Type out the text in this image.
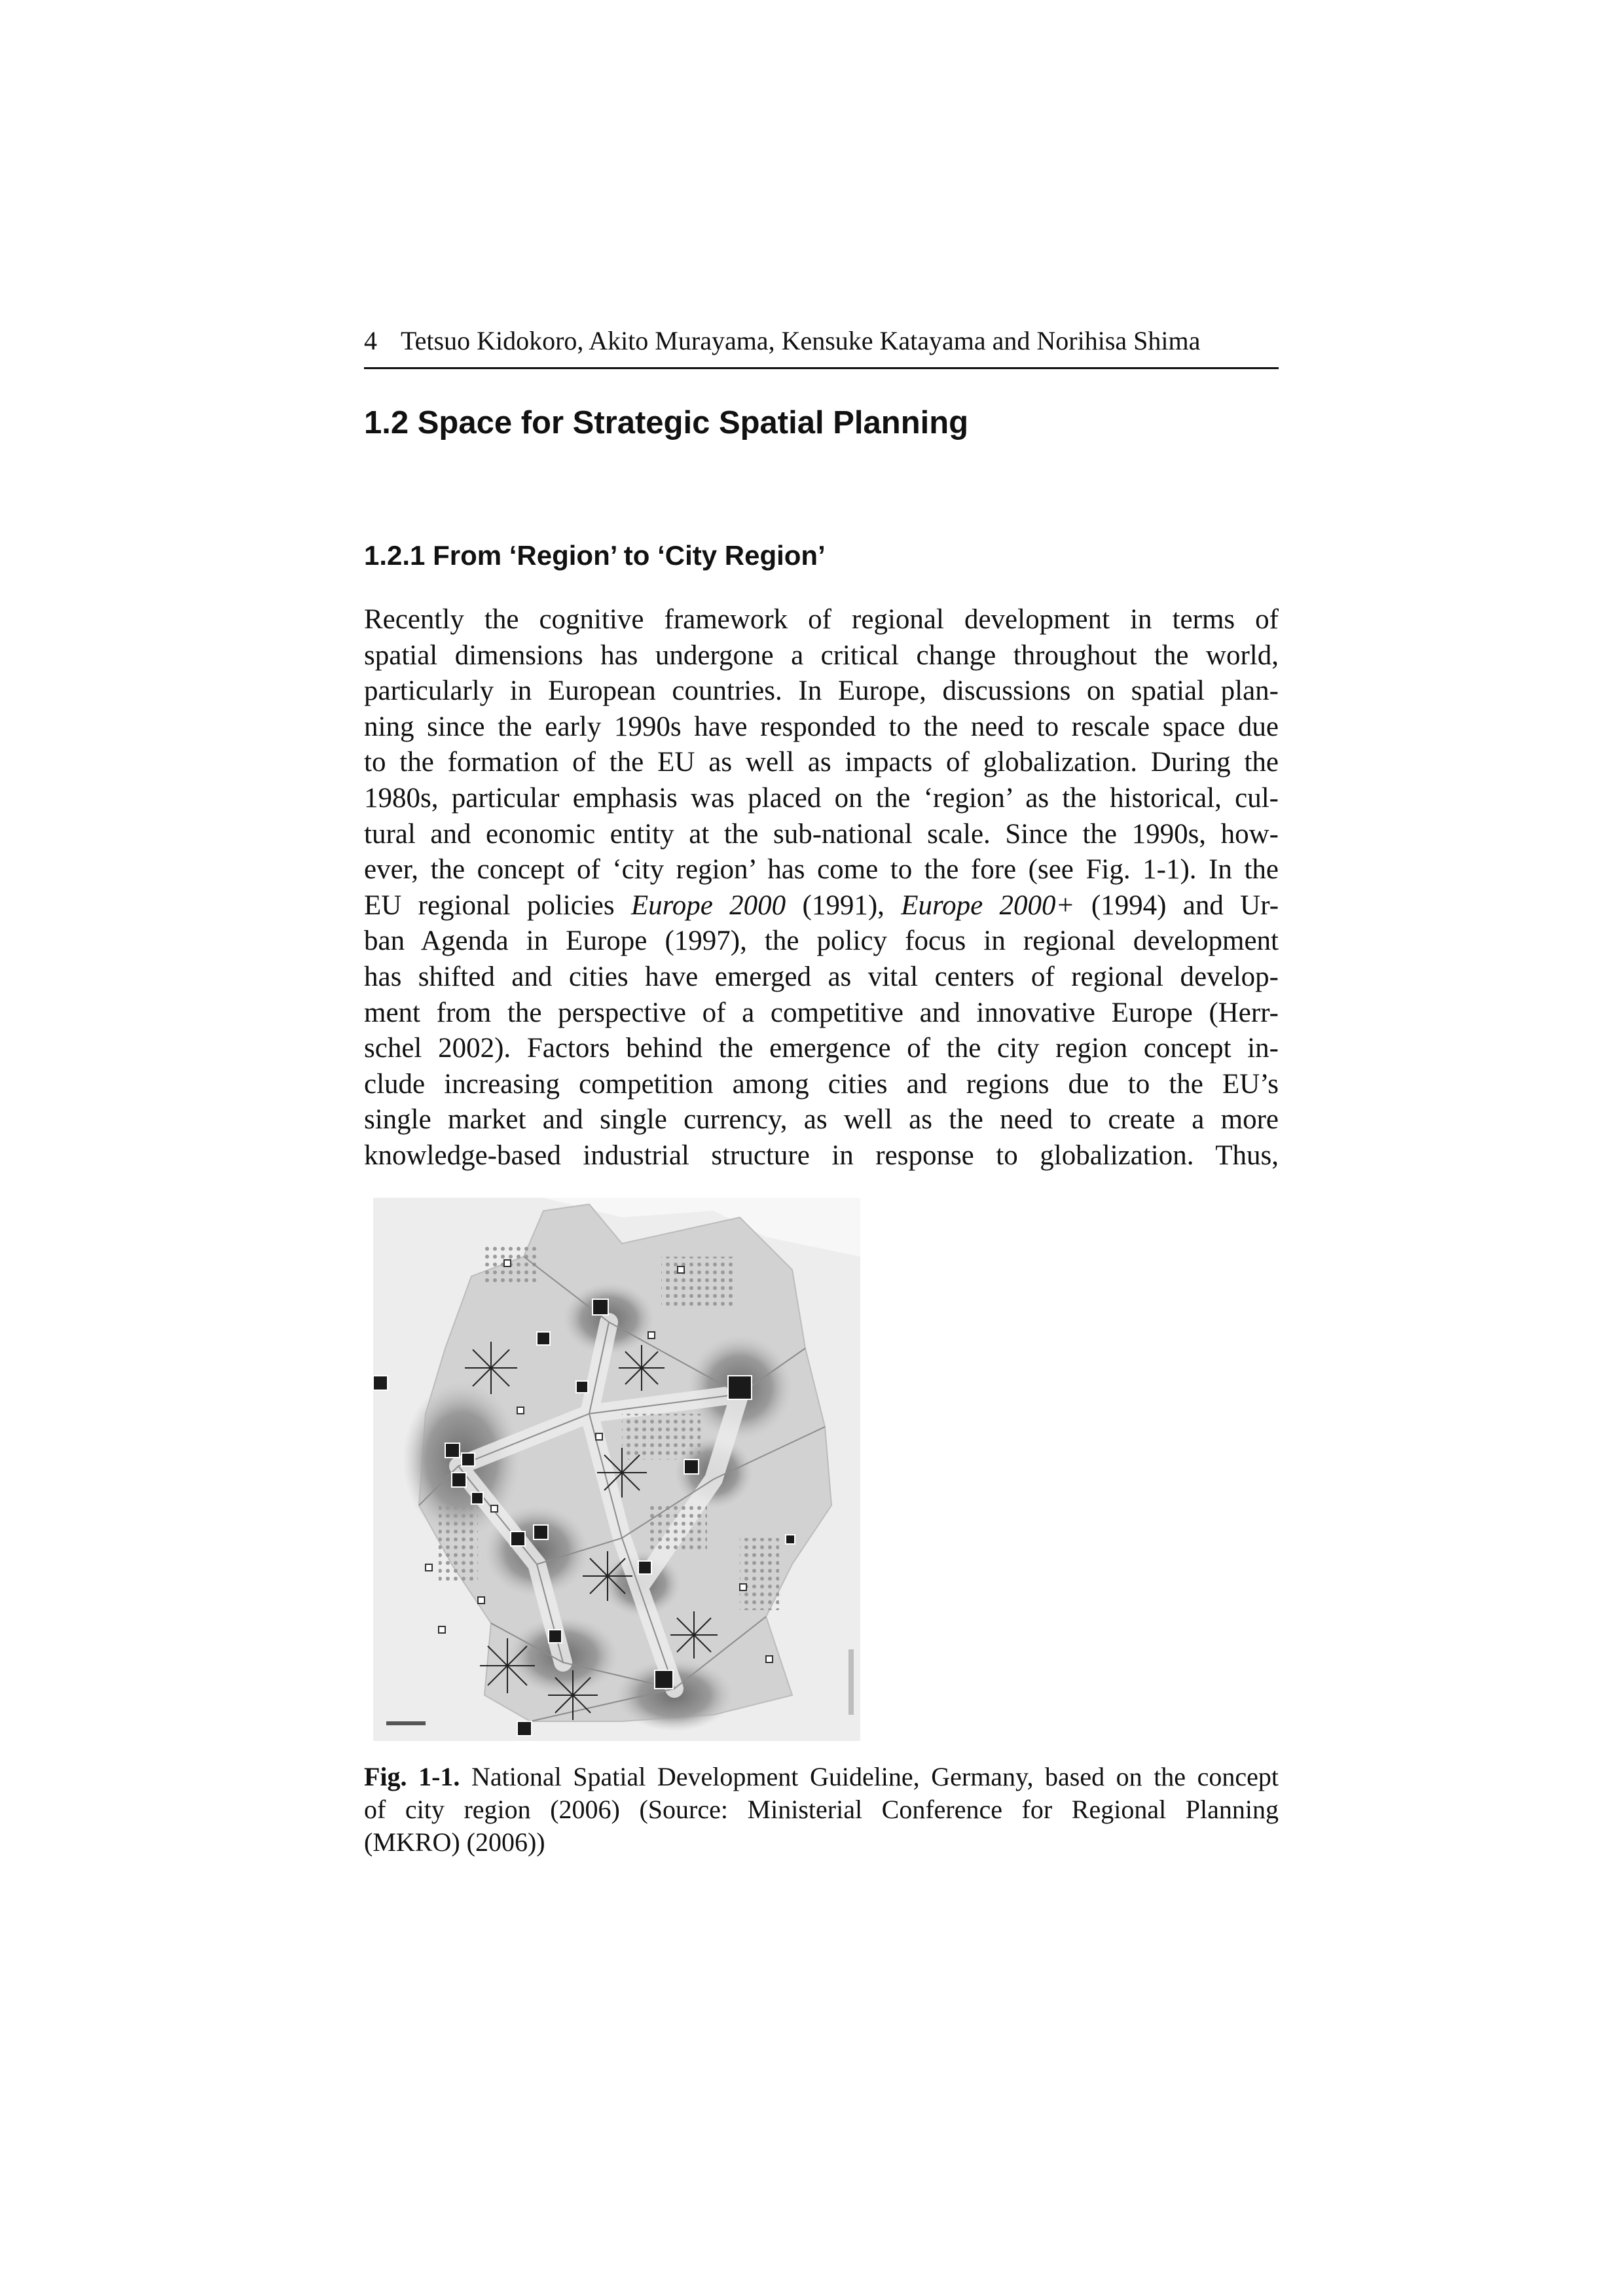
4 Tetsuo Kidokoro, Akito Murayama, Kensuke Katayama and Norihisa Shima
1.2 Space for Strategic Spatial Planning
1.2.1 From ‘Region’ to ‘City Region’

Recently the cognitive framework of regional development in terms of
spatial dimensions has undergone a critical change throughout the world,
particularly in European countries. In Europe, discussions on spatial plan-
ning since the early 1990s have responded to the need to rescale space due
to the formation of the EU as well as impacts of globalization. During the
1980s, particular emphasis was placed on the ‘region’ as the historical, cul-
tural and economic entity at the sub-national scale. Since the 1990s, how-
ever, the concept of ‘city region’ has come to the fore (see Fig. 1-1). In the
EU regional policies Europe 2000 (1991), Europe 2000+ (1994) and Ur-
ban Agenda in Europe (1997), the policy focus in regional development
has shifted and cities have emerged as vital centers of regional develop-
ment from the perspective of a competitive and innovative Europe (Herr-
schel 2002). Factors behind the emergence of the city region concept in-
clude increasing competition among cities and regions due to the EU’s
single market and single currency, as well as the need to create a more
knowledge-based industrial structure in response to globalization. Thus,

Fig. 1-1. National Spatial Development Guideline, Germany, based on the concept
of city region (2006) (Source: Ministerial Conference for Regional Planning
(MKRO) (2006))
